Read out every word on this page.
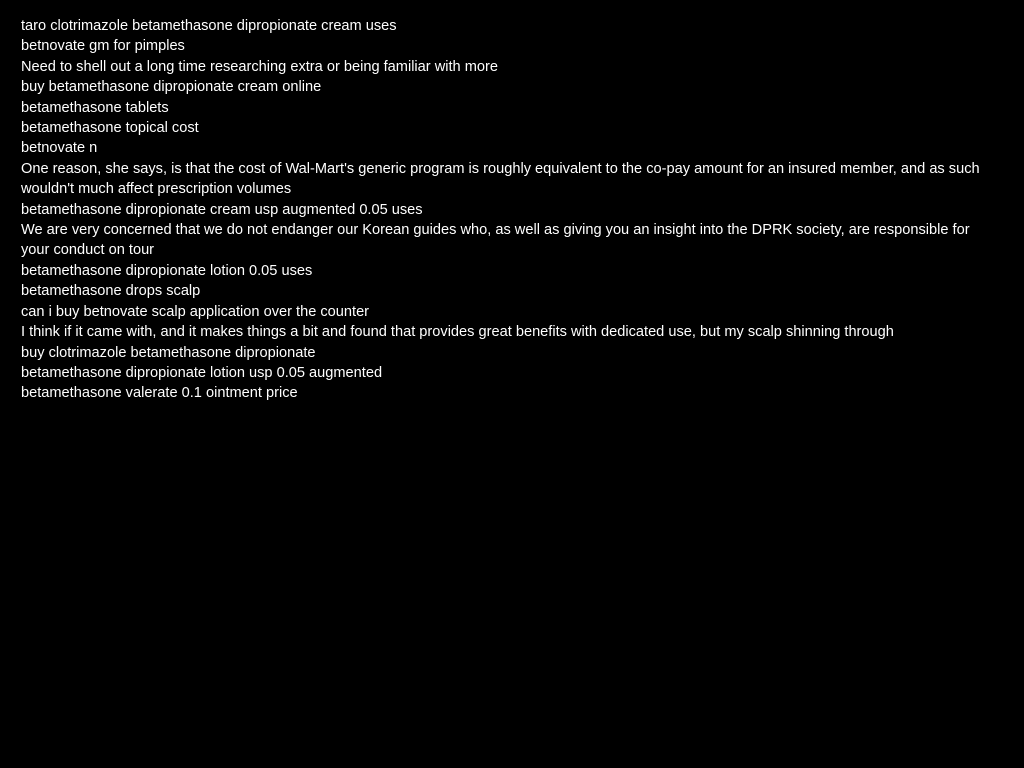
taro clotrimazole betamethasone dipropionate cream uses
betnovate gm for pimples
Need to shell out a long time researching extra or being familiar with more
buy betamethasone dipropionate cream online
betamethasone tablets
betamethasone topical cost
betnovate n
One reason, she says, is that the cost of Wal-Mart's generic program is roughly equivalent to the co-pay amount for an insured member, and as such wouldn't much affect prescription volumes
betamethasone dipropionate cream usp augmented 0.05 uses
We are very concerned that we do not endanger our Korean guides who, as well as giving you an insight into the DPRK society, are responsible for your conduct on tour
betamethasone dipropionate lotion 0.05 uses
betamethasone drops scalp
can i buy betnovate scalp application over the counter
I think if it came with, and it makes things a bit and found that provides great benefits with dedicated use, but my scalp shinning through
buy clotrimazole betamethasone dipropionate
betamethasone dipropionate lotion usp 0.05 augmented
betamethasone valerate 0.1 ointment price
